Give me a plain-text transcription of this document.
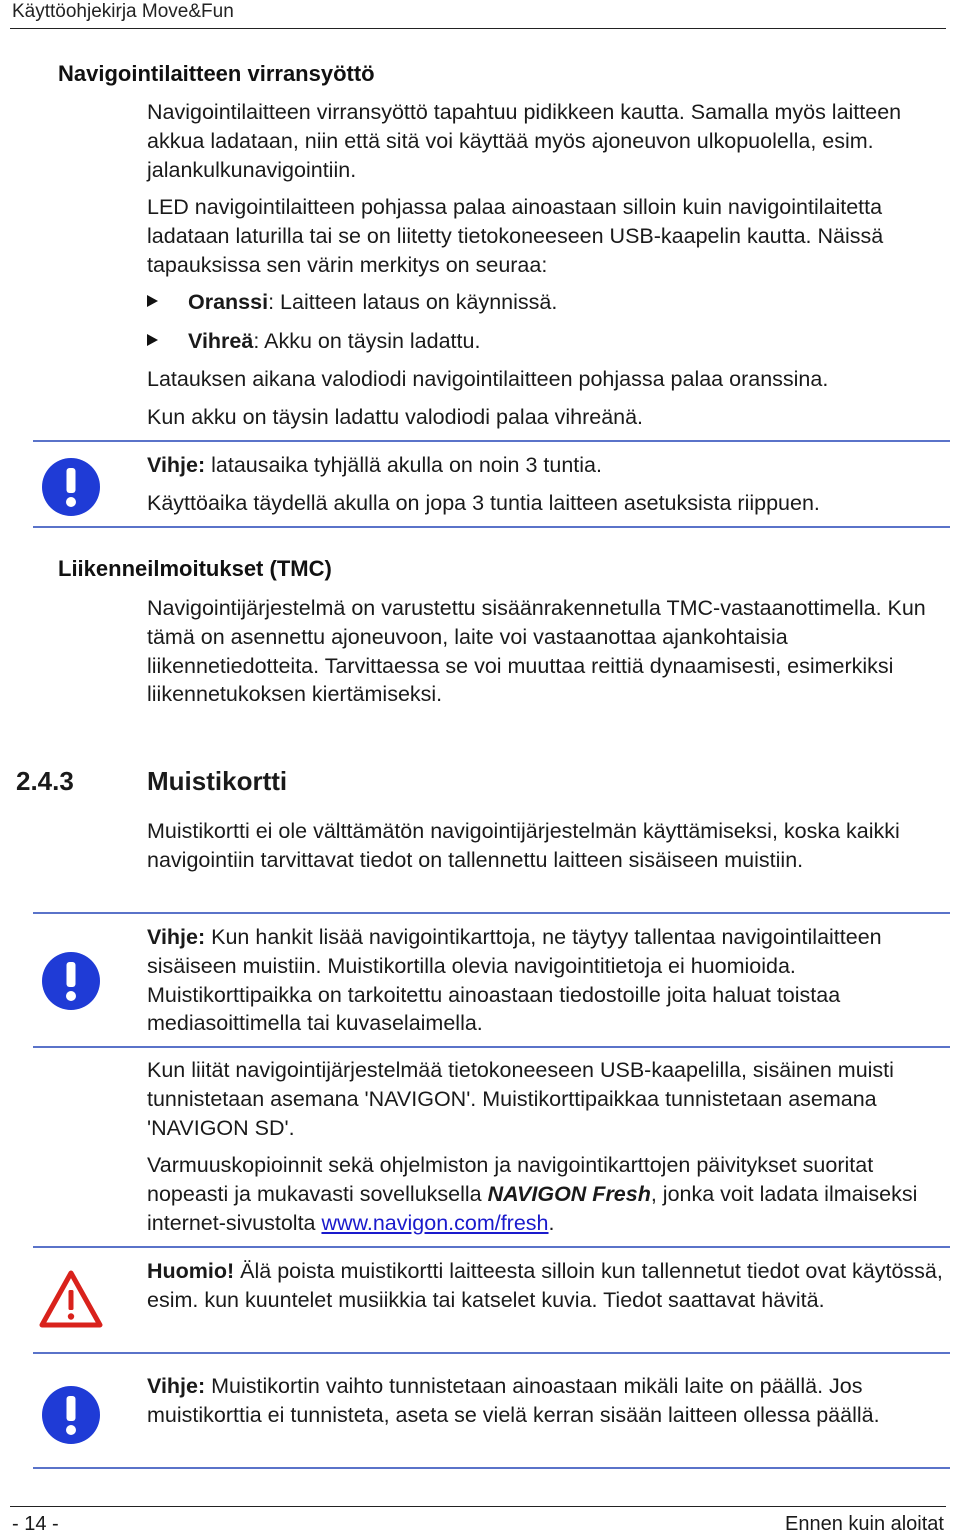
Käyttöohjekirja Move&Fun
Navigointilaitteen virransyöttö
Navigointilaitteen virransyöttö tapahtuu pidikkeen kautta. Samalla myös laitteen akkua ladataan, niin että sitä voi käyttää myös ajoneuvon ulkopuolella, esim. jalankulkunavigointiin.
LED navigointilaitteen pohjassa palaa ainoastaan silloin kuin navigointilaitetta ladataan laturilla tai se on liitetty tietokoneeseen USB-kaapelin kautta. Näissä tapauksissa sen värin merkitys on seuraa:
Oranssi: Laitteen lataus on käynnissä.
Vihreä: Akku on täysin ladattu.
Latauksen aikana valodiodi navigointilaitteen pohjassa palaa oranssina.
Kun akku on täysin ladattu valodiodi palaa vihreänä.
Vihje: latausaika tyhjällä akulla on noin 3 tuntia.
Käyttöaika täydellä akulla on jopa 3 tuntia laitteen asetuksista riippuen.
Liikenneilmoitukset (TMC)
Navigointijärjestelmä on varustettu sisäänrakennetulla TMC-vastaanottimella. Kun tämä on asennettu ajoneuvoon, laite voi vastaanottaa ajankohtaisia liikennetiedotteita. Tarvittaessa se voi muuttaa reittiä dynaamisesti, esimerkiksi liikennetukoksen kiertämiseksi.
2.4.3	Muistikortti
Muistikortti ei ole välttämätön navigointijärjestelmän käyttämiseksi, koska kaikki navigointiin tarvittavat tiedot on tallennettu laitteen sisäiseen muistiin.
Vihje: Kun hankit lisää navigointikarttoja, ne täytyy tallentaa navigointilaitteen sisäiseen muistiin. Muistikortilla olevia navigointitietoja ei huomioida. Muistikorttipaikka on tarkoitettu ainoastaan tiedostoille joita haluat toistaa mediasoittimella tai kuvaselaimella.
Kun liität navigointijärjestelmää tietokoneeseen USB-kaapelilla, sisäinen muisti tunnistetaan asemana 'NAVIGON'. Muistikorttipaikkaa tunnistetaan asemana 'NAVIGON SD'.
Varmuuskopioinnit sekä ohjelmiston ja navigointikarttojen päivitykset suoritat nopeasti ja mukavasti sovelluksella NAVIGON Fresh, jonka voit ladata ilmaiseksi internet-sivustolta www.navigon.com/fresh.
Huomio! Älä poista muistikortti laitteesta silloin kun tallennetut tiedot ovat käytössä, esim. kun kuuntelet musiikkia tai katselet kuvia. Tiedot saattavat hävitä.
Vihje: Muistikortin vaihto tunnistetaan ainoastaan mikäli laite on päällä. Jos muistikorttia ei tunnisteta, aseta se vielä kerran sisään laitteen ollessa päällä.
- 14 -	Ennen kuin aloitat
